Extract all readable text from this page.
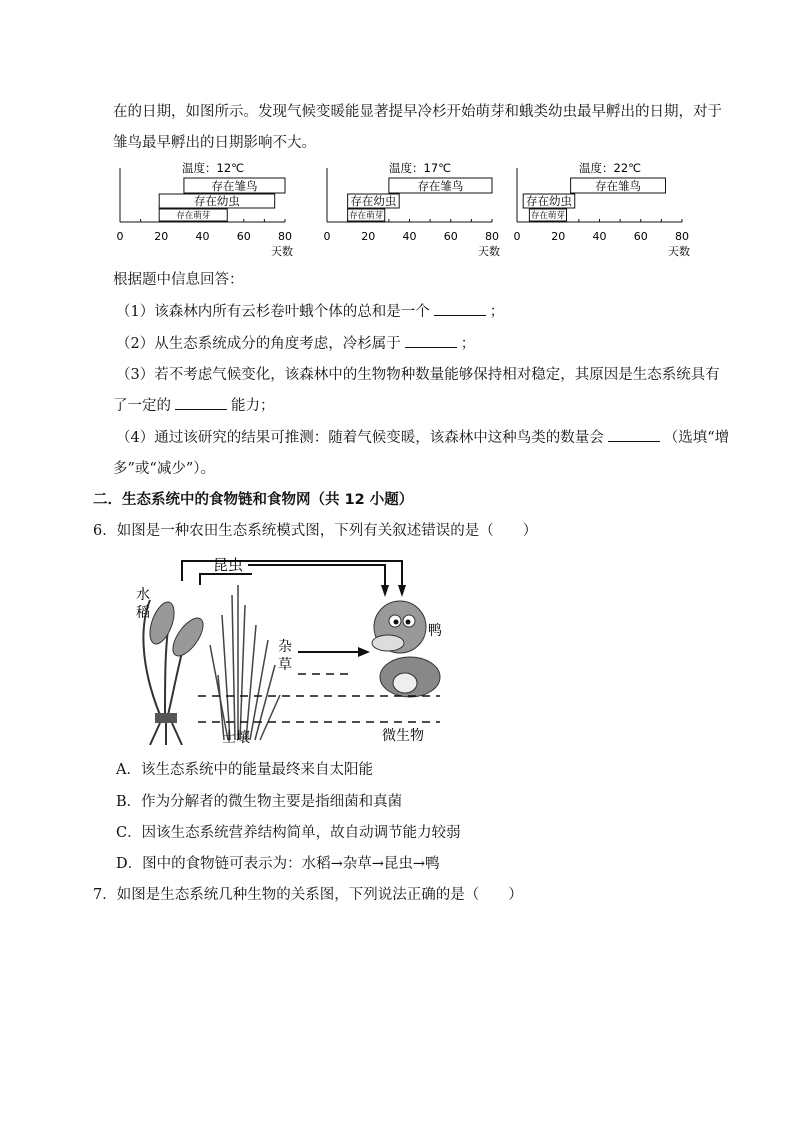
在的日期，如图所示。发现气候变暖能显著提早冷杉开始萌芽和蛾类幼虫最早孵出的日期，对于
雏鸟最早孵出的日期影响不大。
0	20 40 60 80
温度：12℃
天数
存在雏鸟
存在幼虫
存在萌芽
0	20 40 60 80
温度：17℃
天数
存在雏鸟
存在幼虫
存在萌芽
0	20 40 60 80
温度：22℃
天数
存在雏鸟
存在幼虫
存在萌芽
根据题中信息回答：
（1）该森林内所有云杉卷叶蛾个体的总和是一个	；
（2）从生态系统成分的角度考虑，冷杉属于	；
（3）若不考虑气候变化，该森林中的生物物种数量能够保持相对稳定，其原因是生态系统具有
了一定的	能力；
（4）通过该研究的结果可推测：随着气候变暖，该森林中这种鸟类的数量会	（选填“增
多”或“减少”）。
二．生态系统中的食物链和食物网（共 12 小题）
6．如图是一种农田生态系统模式图，下列有关叙述错误的是（　　）
昆虫
水
稻
杂
草
鸭
土壤	微生物
A．该生态系统中的能量最终来自太阳能
B．作为分解者的微生物主要是指细菌和真菌
C．因该生态系统营养结构简单，故自动调节能力较弱
D．图中的食物链可表示为：水稻→杂草→昆虫→鸭
7．如图是生态系统几种生物的关系图，下列说法正确的是（　　）
